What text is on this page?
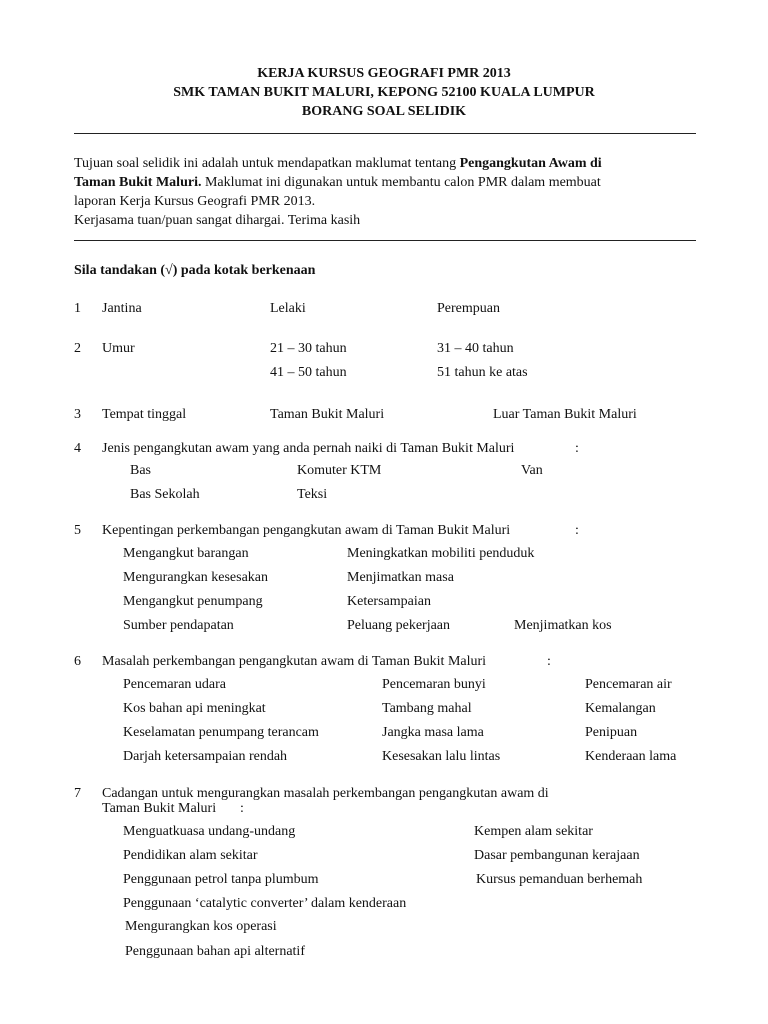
KERJA KURSUS GEOGRAFI PMR 2013
SMK TAMAN BUKIT MALURI, KEPONG 52100 KUALA LUMPUR
BORANG SOAL SELIDIK
Tujuan soal selidik ini adalah untuk mendapatkan maklumat tentang Pengangkutan Awam di
Taman Bukit Maluri. Maklumat ini digunakan untuk membantu calon PMR dalam membuat
laporan Kerja Kursus Geografi PMR 2013.
Kerjasama tuan/puan sangat dihargai. Terima kasih
Sila tandakan (√) pada kotak berkenaan
1 Jantina	Lelaki	Perempuan
2 Umur	21 – 30 tahun	31 – 40 tahun
41 – 50 tahun	51 tahun ke atas
3 Tempat tinggal	Taman Bukit Maluri	Luar Taman Bukit Maluri
4 Jenis pengangkutan awam yang anda pernah naiki di Taman Bukit Maluri	:
Bas	Komuter KTM	Van
Bas Sekolah	Teksi
5 Kepentingan perkembangan pengangkutan awam di Taman Bukit Maluri	:
Mengangkut barangan	Meningkatkan mobiliti penduduk
Mengurangkan kesesakan	Menjimatkan masa
Mengangkut penumpang	Ketersampaian
Sumber pendapatan	Peluang pekerjaan	Menjimatkan kos
6 Masalah perkembangan pengangkutan awam di Taman Bukit Maluri	:
Pencemaran udara	Pencemaran bunyi	Pencemaran air
Kos bahan api meningkat	Tambang mahal	Kemalangan
Keselamatan penumpang terancam	Jangka masa lama	Penipuan
Darjah ketersampaian rendah	Kesesakan lalu lintas	Kenderaan lama
7 Cadangan untuk mengurangkan masalah perkembangan pengangkutan awam di
Taman Bukit Maluri :
Menguatkuasa undang-undang	Kempen alam sekitar
Pendidikan alam sekitar	Dasar pembangunan kerajaan
Penggunaan petrol tanpa plumbum	Kursus pemanduan berhemah
Penggunaan ‘catalytic converter’ dalam kenderaan
Mengurangkan kos operasi
Penggunaan bahan api alternatif
